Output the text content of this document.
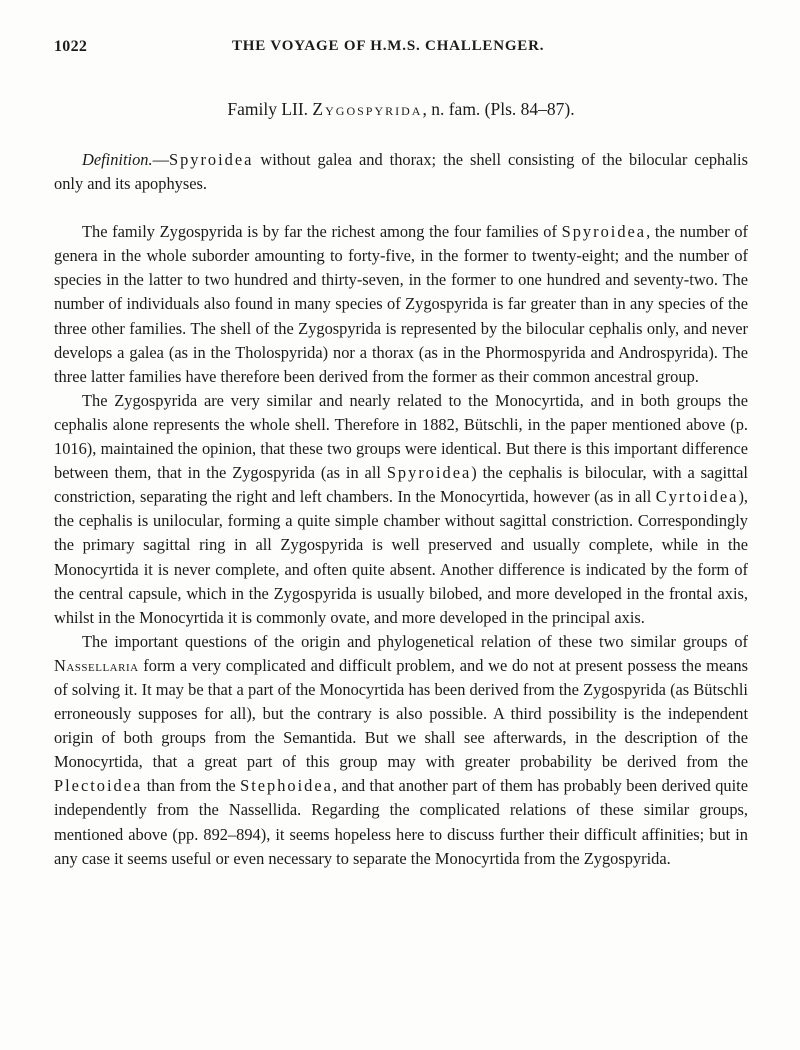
1022	THE VOYAGE OF H.M.S. CHALLENGER.
Family LII. Zygospyrida, n. fam. (Pls. 84–87).

Definition.—Spyroidea without galea and thorax; the shell consisting of the bilocular cephalis only and its apophyses.

The family Zygospyrida is by far the richest among the four families of Spyroidea, the number of genera in the whole suborder amounting to forty-five, in the former to twenty-eight; and the number of species in the latter to two hundred and thirty-seven, in the former to one hundred and seventy-two. The number of individuals also found in many species of Zygospyrida is far greater than in any species of the three other families. The shell of the Zygospyrida is represented by the bilocular cephalis only, and never develops a galea (as in the Tholospyrida) nor a thorax (as in the Phormospyrida and Androspyrida). The three latter families have therefore been derived from the former as their common ancestral group.

The Zygospyrida are very similar and nearly related to the Monocyrtida, and in both groups the cephalis alone represents the whole shell. Therefore in 1882, Bütschli, in the paper mentioned above (p. 1016), maintained the opinion, that these two groups were identical. But there is this important difference between them, that in the Zygospyrida (as in all Spyroidea) the cephalis is bilocular, with a sagittal constriction, separating the right and left chambers. In the Monocyrtida, however (as in all Cyrtoidea), the cephalis is unilocular, forming a quite simple chamber without sagittal constriction. Correspondingly the primary sagittal ring in all Zygospyrida is well preserved and usually complete, while in the Monocyrtida it is never complete, and often quite absent. Another difference is indicated by the form of the central capsule, which in the Zygospyrida is usually bilobed, and more developed in the frontal axis, whilst in the Monocyrtida it is commonly ovate, and more developed in the principal axis.

The important questions of the origin and phylogenetical relation of these two similar groups of Nassellaria form a very complicated and difficult problem, and we do not at present possess the means of solving it. It may be that a part of the Monocyrtida has been derived from the Zygospyrida (as Bütschli erroneously supposes for all), but the contrary is also possible. A third possibility is the independent origin of both groups from the Semantida. But we shall see afterwards, in the description of the Monocyrtida, that a great part of this group may with greater probability be derived from the Plectoidea than from the Stephoidea, and that another part of them has probably been derived quite independently from the Nassellida. Regarding the complicated relations of these similar groups, mentioned above (pp. 892–894), it seems hopeless here to discuss further their difficult affinities; but in any case it seems useful or even necessary to separate the Monocyrtida from the Zygospyrida.
